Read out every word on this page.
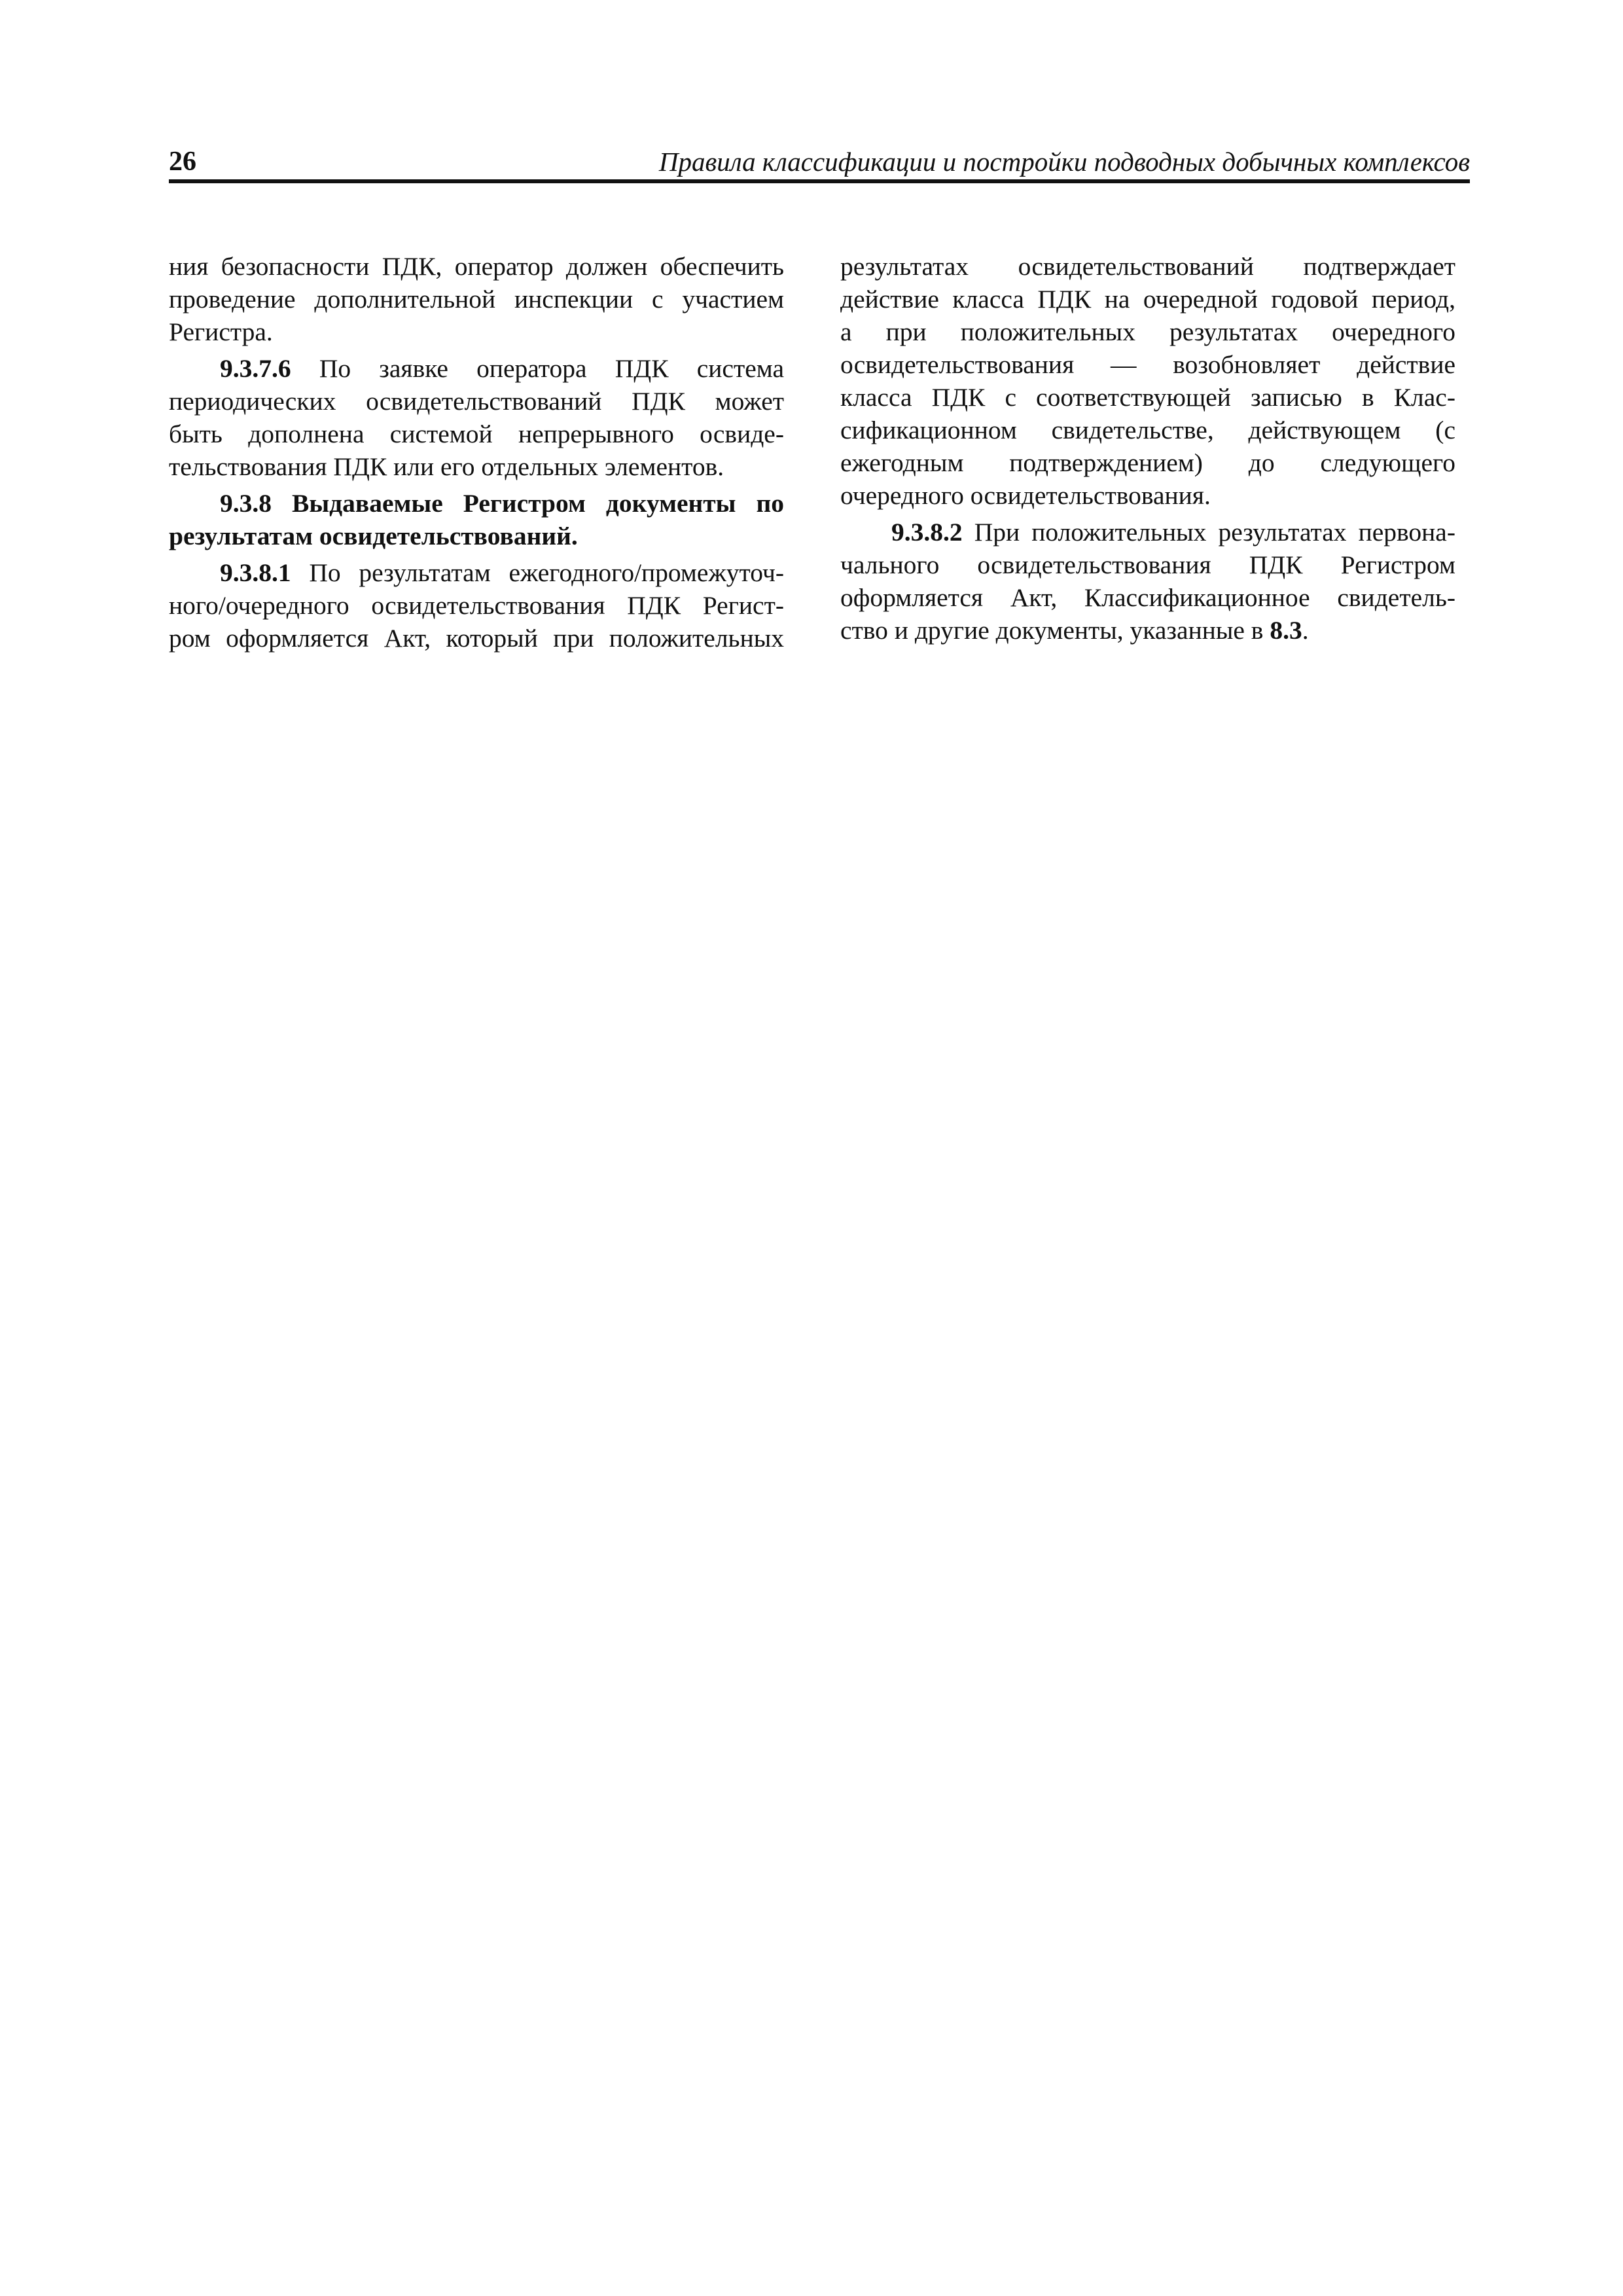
26	Правила классификации и постройки подводных добычных комплексов
ния безопасности ПДК, оператор должен обеспечить
проведение дополнительной инспекции с участием
Регистра.
9.3.7.6 По заявке оператора ПДК система
периодических освидетельствований ПДК может
быть дополнена системой непрерывного освиде-
тельствования ПДК или его отдельных элементов.
9.3.8 Выдаваемые Регистром документы по
результатам освидетельствований.
9.3.8.1 По результатам ежегодного/промежуточ-
ного/очередного освидетельствования ПДК Регист-
ром оформляется Акт, который при положительных
результатах освидетельствований подтверждает
действие класса ПДК на очередной годовой период,
а при положительных результатах очередного
освидетельствования — возобновляет действие
класса ПДК с соответствующей записью в Клас-
сификационном свидетельстве, действующем (с
ежегодным подтверждением) до следующего
очередного освидетельствования.
9.3.8.2 При положительных результатах первона-
чального освидетельствования ПДК Регистром
оформляется Акт, Классификационное свидетель-
ство и другие документы, указанные в 8.3.
